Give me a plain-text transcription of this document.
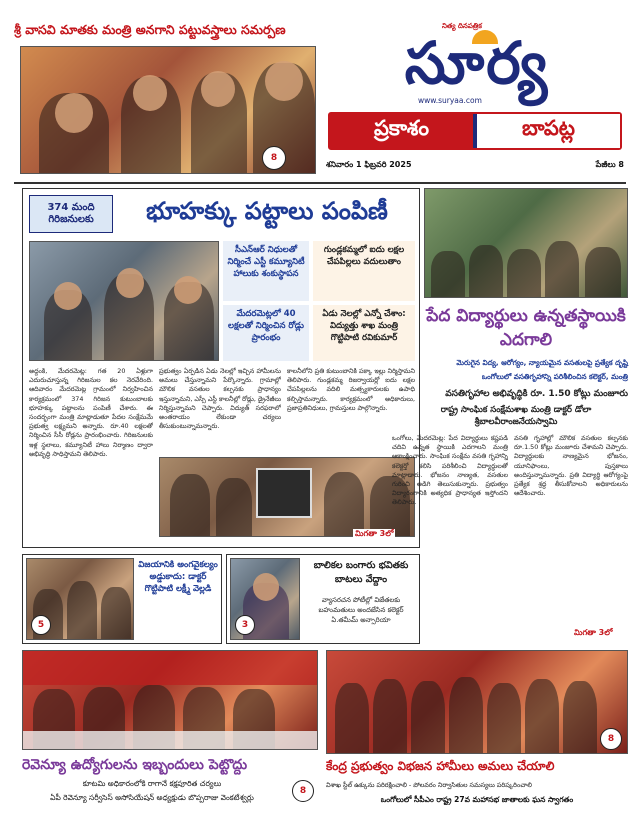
శ్రీ వాసవి మాతకు మంత్రి అనగాని పట్టువస్త్రాలు సమర్పణ
8
నిత్య దినపత్రిక
సూర్య
www.suryaa.com
ప్రకాశం	బాపట్ల
శనివారం 1 ఫిబ్రవరి 2025	పేజీలు 8
374 మంది గిరిజనులకు	భూహక్కు పట్టాలు పంపిణీ
సీఎన్ఆర్ నిధులతో నిర్మించే ఎస్టీ కమ్యూనిటీ హాలుకు శంకుస్థాపన
మేదరమెట్లలో 40 లక్షలతో నిర్మించిన రోడ్లు ప్రారంభం
గుండ్లకమ్మలో ఐదు లక్షల చేపపిల్లలు వదులుతాం
ఏడు నెలల్లో ఎన్నో చేశాం: విద్యుత్తు శాఖ మంత్రి గొట్టిపాటి రవికుమార్
అద్దంకి, మేదరమెట్ల: గత 20 ఏళ్లుగా ఎదురుచూస్తున్న గిరిజనుల కల నెరవేరింది. ఆదివారం మేదరమెట్ల గ్రామంలో నిర్వహించిన కార్యక్రమంలో 374 గిరిజన కుటుంబాలకు భూహక్కు పట్టాలను పంపిణీ చేశారు. ఈ సందర్భంగా మంత్రి మాట్లాడుతూ పేదల సంక్షేమమే ప్రభుత్వ లక్ష్యమని అన్నారు. రూ.40 లక్షలతో నిర్మించిన సీసీ రోడ్లను ప్రారంభించారు. గిరిజనులకు ఇళ్ల స్థలాలు, కమ్యూనిటీ హాలు నిర్మాణం ద్వారా అభివృద్ధి సాధిస్తామని తెలిపారు.
ప్రభుత్వం ఏర్పడిన ఏడు నెలల్లో ఇచ్చిన హామీలను అమలు చేస్తున్నామని పేర్కొన్నారు. గ్రామాల్లో మౌలిక వసతుల కల్పనకు ప్రాధాన్యం ఇస్తున్నామని, ఎస్సీ ఎస్టీ కాలనీల్లో రోడ్లు, డ్రైనేజీలు నిర్మిస్తున్నామని చెప్పారు. విద్యుత్ సరఫరాలో అంతరాయం లేకుండా చర్యలు తీసుకుంటున్నామన్నారు.
కాలనీలోని ప్రతి కుటుంబానికి పక్కా ఇల్లు నిర్మిస్తామని తెలిపారు. గుండ్లకమ్మ రిజర్వాయర్లో ఐదు లక్షల చేపపిల్లలను వదిలి మత్స్యకారులకు ఉపాధి కల్పిస్తామన్నారు. కార్యక్రమంలో అధికారులు, ప్రజాప్రతినిధులు, గ్రామస్తులు పాల్గొన్నారు.
మిగతా 3లో
పేద విద్యార్థులు ఉన్నతస్థాయికి ఎదగాలి
మెరుగైన విద్య, ఆరోగ్యం, న్యాయమైన వసతులపై ప్రత్యేక దృష్టి
ఒంగోలులో వసతిగృహాన్ని పరిశీలించిన కలెక్టర్, మంత్రి
వసతిగృహాల అభివృద్ధికి రూ. 1.50 కోట్లు మంజూరు
రాష్ట్ర సాంఘిక సంక్షేమశాఖ మంత్రి డాక్టర్ డోలా శ్రీబాలవీరాంజనేయస్వామి
ఒంగోలు, మేదరమెట్ల: పేద విద్యార్థులు కష్టపడి చదివి ఉన్నత స్థాయికి ఎదగాలని మంత్రి ఆకాంక్షించారు. సాంఘిక సంక్షేమ వసతి గృహాన్ని కలెక్టర్తో కలిసి పరిశీలించి విద్యార్థులతో మాట్లాడారు. భోజనం నాణ్యత, వసతుల గురించి అడిగి తెలుసుకున్నారు. ప్రభుత్వం విద్యారంగానికి అత్యధిక ప్రాధాన్యత ఇస్తోందని తెలిపారు.
వసతి గృహాల్లో మౌలిక వసతుల కల్పనకు రూ.1.50 కోట్లు మంజూరు చేశామని చెప్పారు. విద్యార్థులకు నాణ్యమైన భోజనం, యూనిఫాంలు, పుస్తకాలు అందిస్తున్నామన్నారు. ప్రతి విద్యార్థి ఆరోగ్యంపై ప్రత్యేక శ్రద్ధ తీసుకోవాలని అధికారులను ఆదేశించారు.
మిగతా 3లో
5
విజయానికి అంగవైకల్యం అడ్డుకాదు: డాక్టర్ గొట్టిపాటి లక్ష్మీ వెల్లడి
3
బాలికల బంగారు భవితకు బాటలు వేద్దాం
వ్యాసరచన పోటీల్లో విజేతలకు బహుమతులు అందజేసిన కలెక్టర్ ఏ.తమీమ్ అన్సారియా
రెవెన్యూ ఉద్యోగులను ఇబ్బందులు పెట్టొద్దు
కూటమి అధికారంలోకి రాగానే కక్షపూరిత చర్యలు
ఏపీ రెవెన్యూ సర్వీసెస్ అసోసియేషన్ అధ్యక్షుడు బొప్పరాజు వెంకటేశ్వర్లు
8
8
కేంద్ర ప్రభుత్వం విభజన హామీలు అమలు చేయాలి
విశాఖ స్టీల్ ఉక్కును పరిరక్షించాలి - పోలవరం నిర్వాసితుల సమస్యలు పరిష్కరించాలి
ఒంగోలులో సీపీఎం రాష్ట్ర 27వ మహాసభ జాతాలకు ఘన స్వాగతం
